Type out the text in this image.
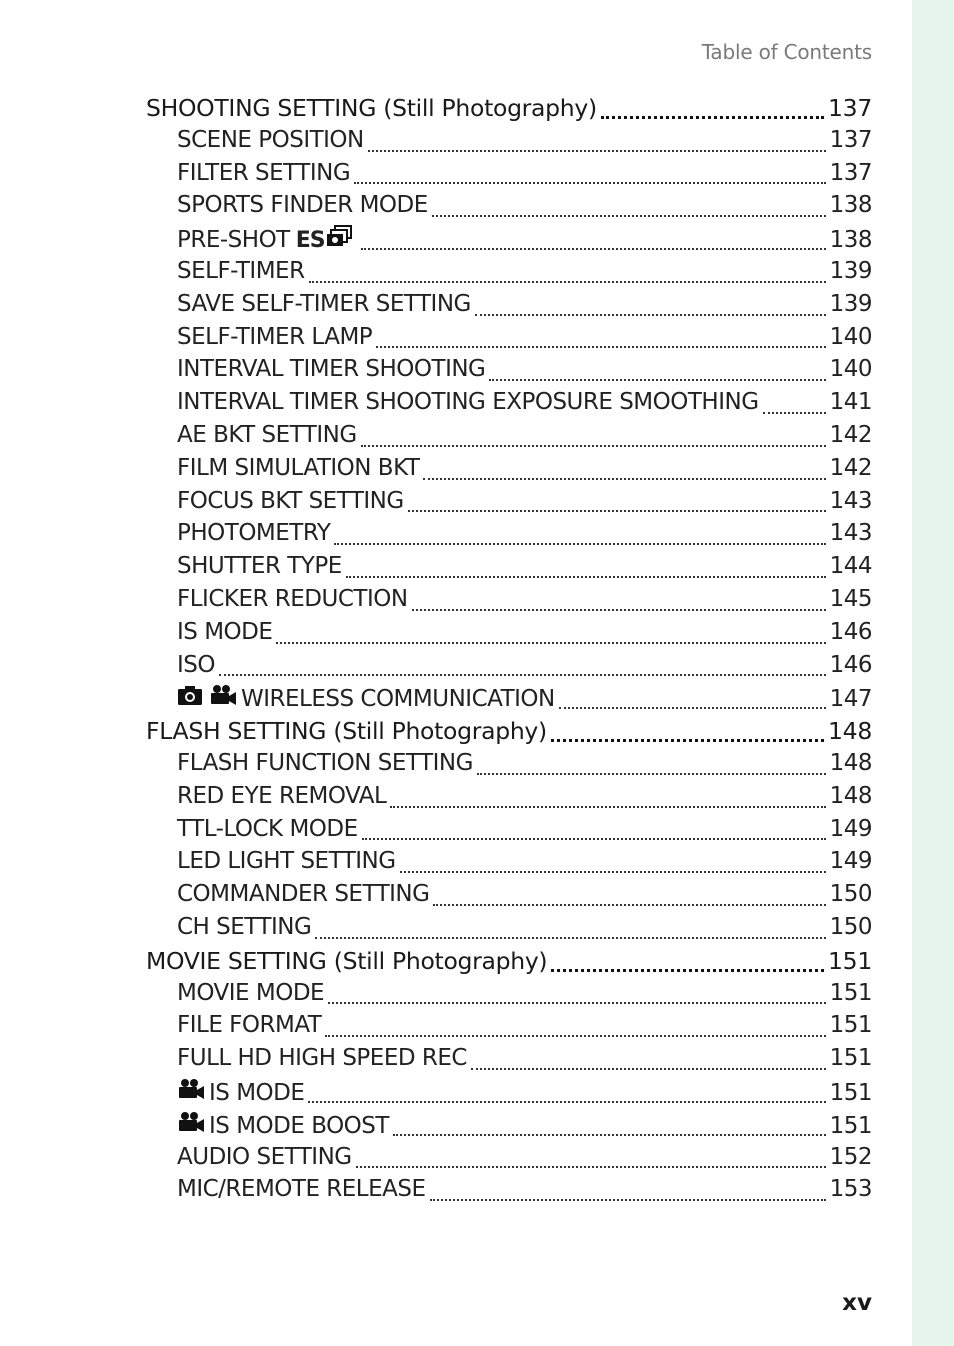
Table of Contents
SHOOTING SETTING (Still Photography)	137
SCENE POSITION	137
FILTER SETTING	137
SPORTS FINDER MODE	138
PRE-SHOT ES	138
SELF-TIMER	139
SAVE SELF-TIMER SETTING	139
SELF-TIMER LAMP	140
INTERVAL TIMER SHOOTING	140
INTERVAL TIMER SHOOTING EXPOSURE SMOOTHING	141
AE BKT SETTING	142
FILM SIMULATION BKT	142
FOCUS BKT SETTING	143
PHOTOMETRY	143
SHUTTER TYPE	144
FLICKER REDUCTION	145
IS MODE	146
ISO	146
WIRELESS COMMUNICATION	147
FLASH SETTING (Still Photography)	148
FLASH FUNCTION SETTING	148
RED EYE REMOVAL	148
TTL-LOCK MODE	149
LED LIGHT SETTING	149
COMMANDER SETTING	150
CH SETTING	150
MOVIE SETTING (Still Photography)	151
MOVIE MODE	151
FILE FORMAT	151
FULL HD HIGH SPEED REC	151
IS MODE	151
IS MODE BOOST	151
AUDIO SETTING	152
MIC/REMOTE RELEASE	153
xv
